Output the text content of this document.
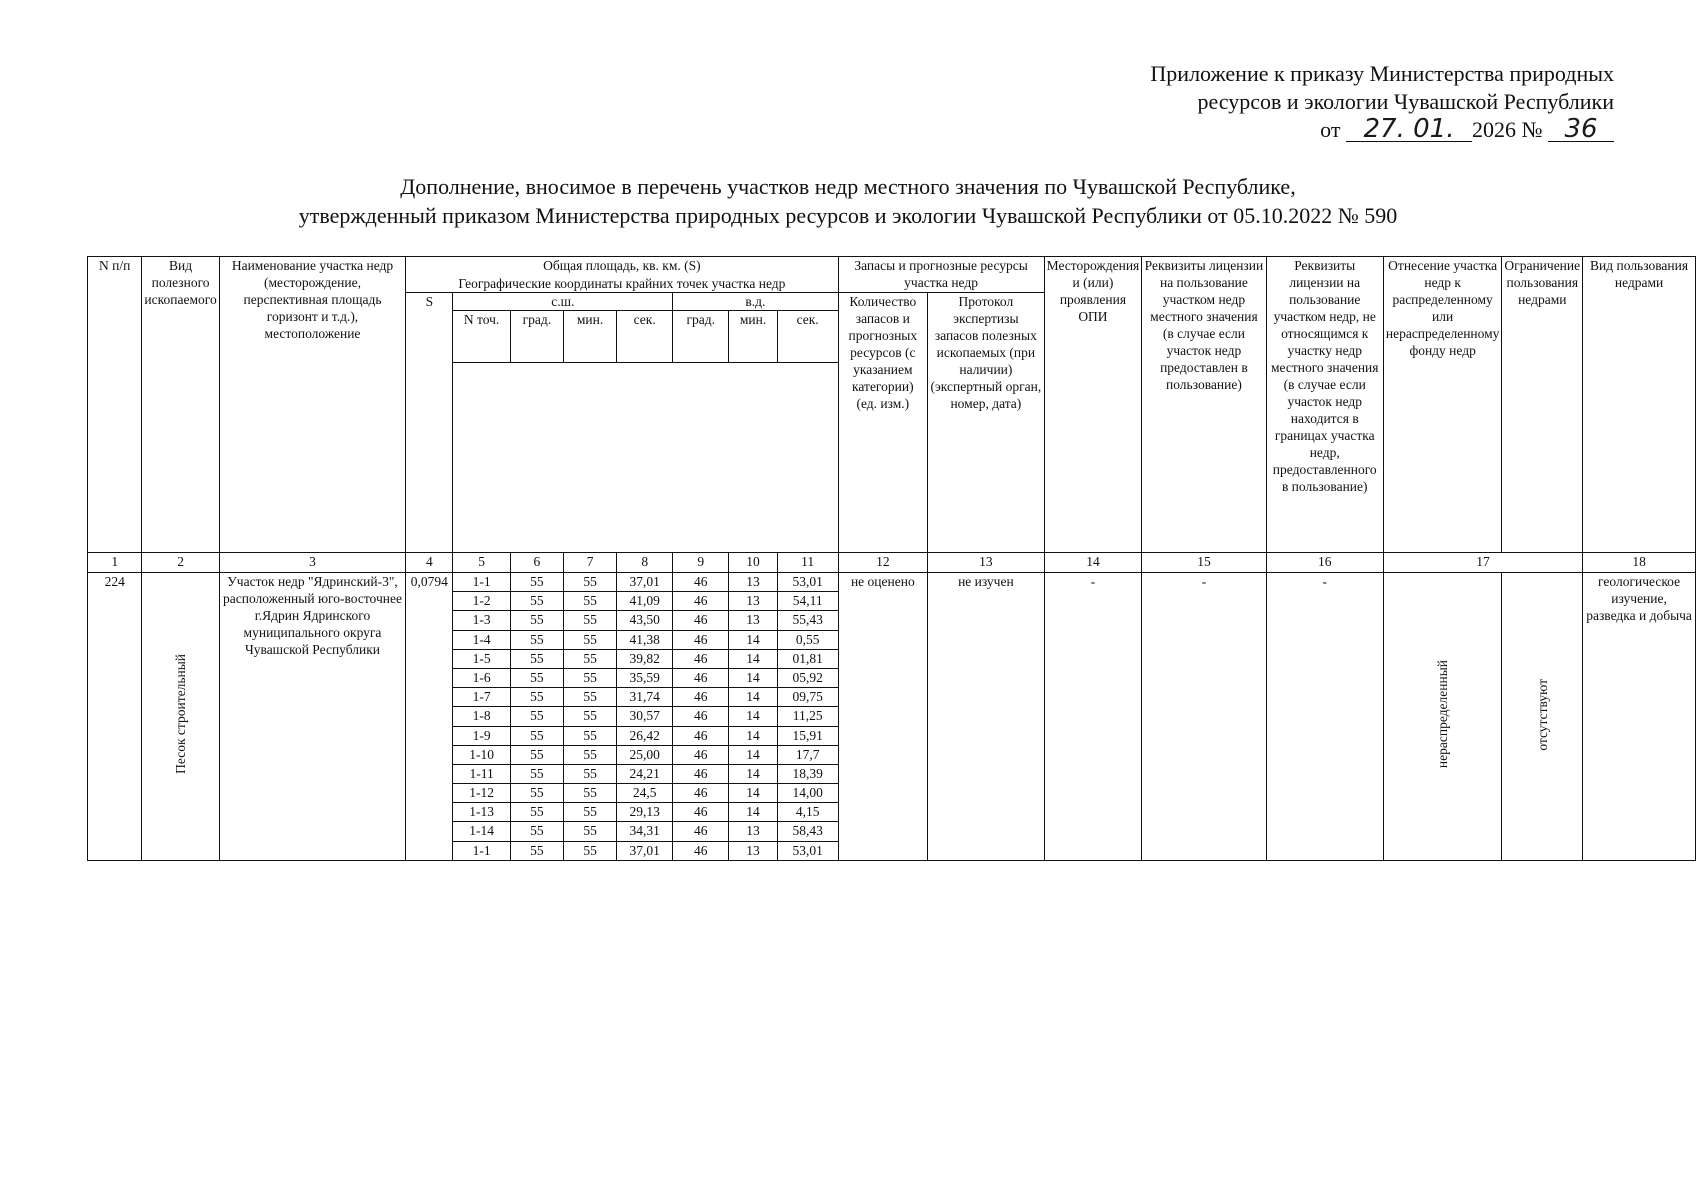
Приложение к приказу Министерства природных
ресурсов и экологии Чувашской Республики
от 27. 01. 2026 № 36
Дополнение, вносимое в перечень участков недр местного значения по Чувашской Республике,
утвержденный приказом Министерства природных ресурсов и экологии Чувашской Республики от 05.10.2022 № 590
N п/п	Вид полезного ископаемого	Наименование участка недр (месторождение, перспективная площадь горизонт и т.д.), местоположение	Общая площадь, кв. км. (S)								Запасы и прогнозные ресурсы участка недр		Месторождения и (или) проявления ОПИ	Реквизиты лицензии на пользование участком недр местного значения (в случае если участок недр предоставлен в пользование)	Реквизиты лицензии на пользование участком недр, не относящимся к участку недр местного значения (в случае если участок недр находится в границах участка недр, предоставленного в пользование)	Отнесение участка недр к распределенному или нераспределенному фонду недр	Ограничение пользования недрами	Вид пользования недрами
			Географические координаты крайних точек участка недр															
			S	с.ш.				в.д.			Количество запасов и прогнозных ресурсов (с указанием категории) (ед. изм.)	Протокол экспертизы запасов полезных ископаемых (при наличии) (экспертный орган, номер, дата)						
				N точ.	град.	мин.	сек.	град.	мин.	сек.								

1	2	3	4	5	6	7	8	9	10	11	12	13	14	15	16	17		18
224	Песок строительный	Участок недр "Ядринский-3", расположенный юго-восточнее г.Ядрин Ядринского муниципального округа Чувашской Республики	0,0794	1-1	55	55	37,01	46	13	53,01	не оценено	не изучен	-	-	-	нераспределенный	отсутствуют	геологическое изучение, разведка и добыча
				1-2	55	55	41,09	46	13	54,11								
				1-3	55	55	43,50	46	13	55,43								
				1-4	55	55	41,38	46	14	0,55								
				1-5	55	55	39,82	46	14	01,81								
				1-6	55	55	35,59	46	14	05,92								
				1-7	55	55	31,74	46	14	09,75								
				1-8	55	55	30,57	46	14	11,25								
				1-9	55	55	26,42	46	14	15,91								
				1-10	55	55	25,00	46	14	17,7								
				1-11	55	55	24,21	46	14	18,39								
				1-12	55	55	24,5	46	14	14,00								
				1-13	55	55	29,13	46	14	4,15								
				1-14	55	55	34,31	46	13	58,43								
				1-1	55	55	37,01	46	13	53,01								
